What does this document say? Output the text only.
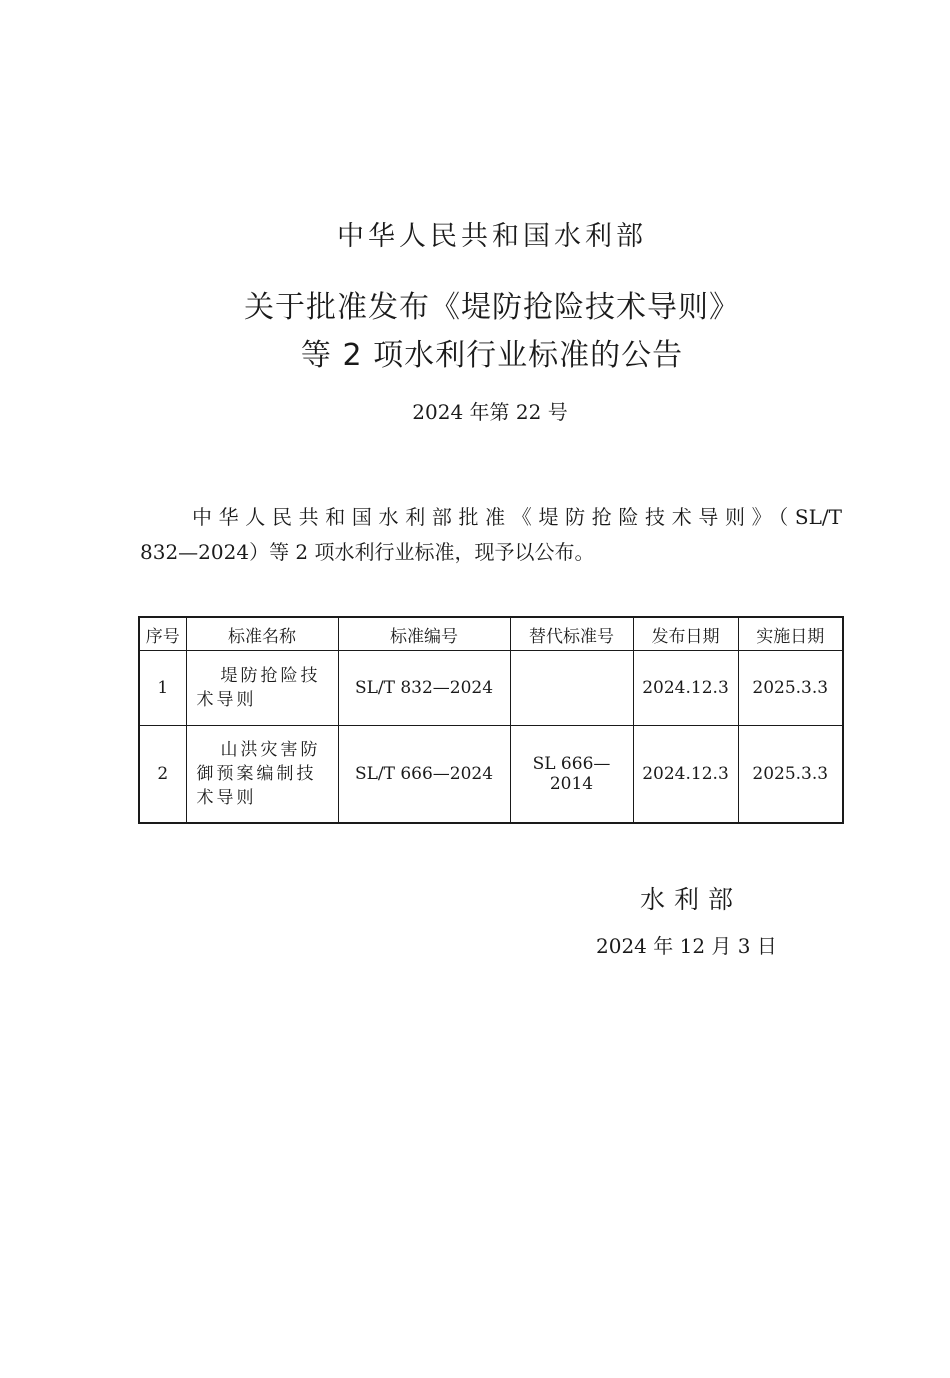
中华人民共和国水利部
关于批准发布《堤防抢险技术导则》
等 2 项水利行业标准的公告
2024 年第 22 号
中华人民共和国水利部批准《堤防抢险技术导则》（SL/T
832—2024）等 2 项水利行业标准，现予以公布。
序号	标准名称	标准编号	替代标准号	发布日期	实施日期
1	堤防抢险技术导则	SL/T 832—2024		2024.12.3	2025.3.3
2	山洪灾害防御预案编制技术导则	SL/T 666—2024	SL 666—2014	2024.12.3	2025.3.3
水利部
2024 年 12 月 3 日
